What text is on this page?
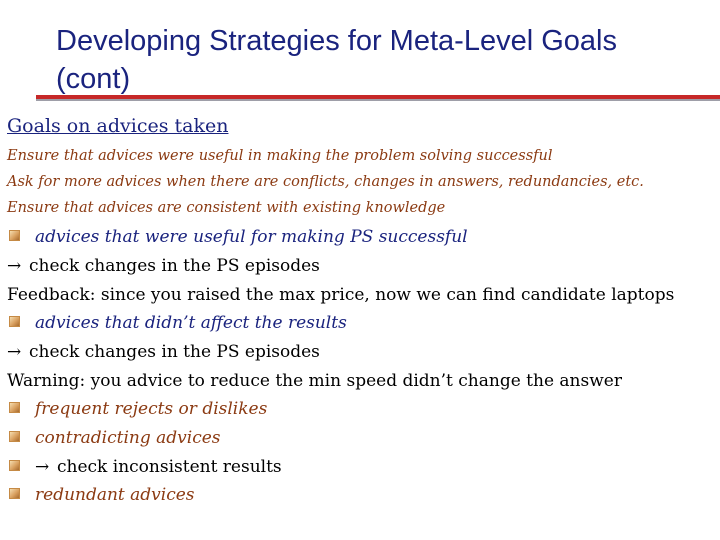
Developing Strategies for Meta-Level Goals
(cont)
Goals on advices taken
Ensure that advices were useful in making the problem solving successful
Ask for more advices when there are conflicts, changes in answers, redundancies, etc.
Ensure that advices are consistent with existing knowledge
advices that were useful for making PS successful
→ check changes in the PS episodes
Feedback: since you raised the max price, now we can find candidate laptops
advices that didn’t affect the results
→ check changes in the PS episodes
Warning: you advice to reduce the min speed didn’t change the answer
frequent rejects or dislikes
contradicting advices
→ check inconsistent results
redundant advices
